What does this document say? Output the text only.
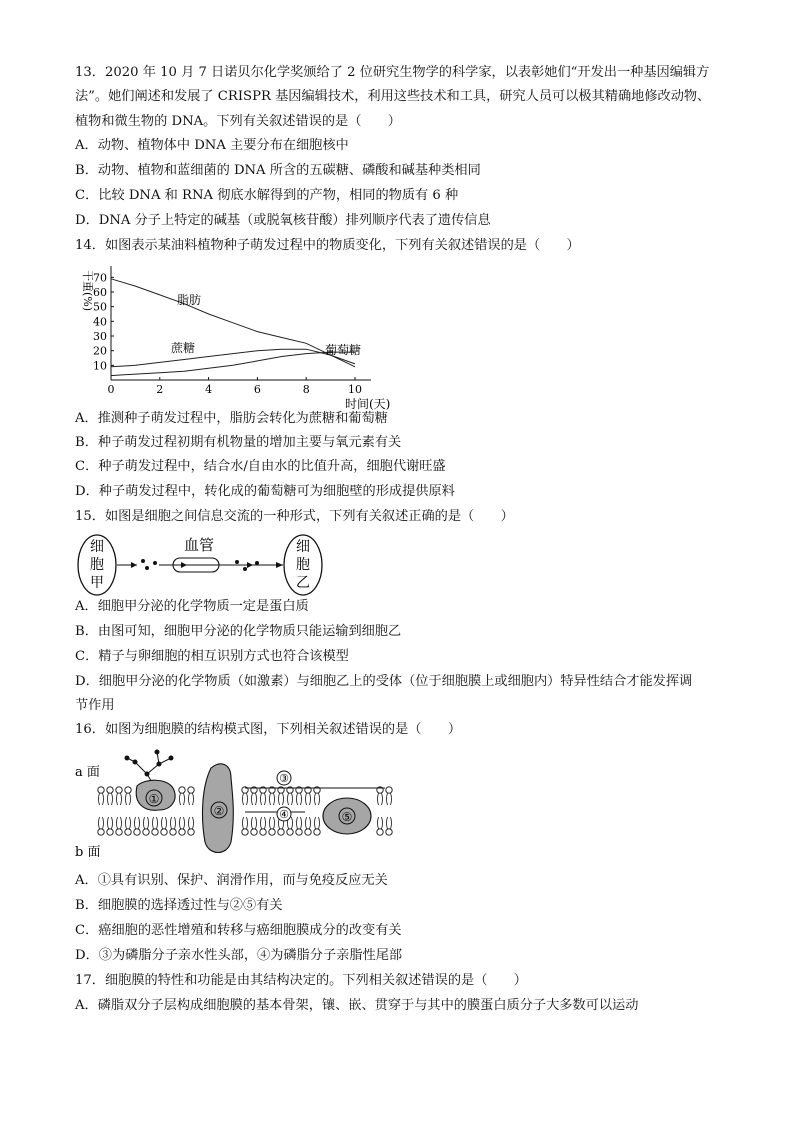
13．2020 年 10 月 7 日诺贝尔化学奖颁给了 2 位研究生物学的科学家，以表彰她们“开发出一种基因编辑方
法”。她们阐述和发展了 CRISPR 基因编辑技术，利用这些技术和工具，研究人员可以极其精确地修改动物、
植物和微生物的 DNA。下列有关叙述错误的是（　　）
A．动物、植物体中 DNA 主要分布在细胞核中
B．动物、植物和蓝细菌的 DNA 所含的五碳糖、磷酸和碱基种类相同
C．比较 DNA 和 RNA 彻底水解得到的产物，相同的物质有 6 种
D．DNA 分子上特定的碱基（或脱氧核苷酸）排列顺序代表了遗传信息
14．如图表示某油料植物种子萌发过程中的物质变化，下列有关叙述错误的是（　　）
0	2	4	6	8	10
10
20
30
40
50
60
70
干重(%)
时间(天)
脂肪
蔗糖	葡萄糖
A．推测种子萌发过程中，脂肪会转化为蔗糖和葡萄糖
B．种子萌发过程初期有机物量的增加主要与氧元素有关
C．种子萌发过程中，结合水/自由水的比值升高，细胞代谢旺盛
D．种子萌发过程中，转化成的葡萄糖可为细胞壁的形成提供原料
15．如图是细胞之间信息交流的一种形式，下列有关叙述正确的是（　　）
细
胞
甲
血管	细
胞
乙
A．细胞甲分泌的化学物质一定是蛋白质
B．由图可知，细胞甲分泌的化学物质只能运输到细胞乙
C．精子与卵细胞的相互识别方式也符合该模型
D．细胞甲分泌的化学物质（如激素）与细胞乙上的受体（位于细胞膜上或细胞内）特异性结合才能发挥调
节作用
16．如图为细胞膜的结构模式图，下列相关叙述错误的是（　　）
a 面
b 面
①
②
③
④	⑤
A．①具有识别、保护、润滑作用，而与免疫反应无关
B．细胞膜的选择透过性与②⑤有关
C．癌细胞的恶性增殖和转移与癌细胞膜成分的改变有关
D．③为磷脂分子亲水性头部，④为磷脂分子亲脂性尾部
17．细胞膜的特性和功能是由其结构决定的。下列相关叙述错误的是（　　）
A．磷脂双分子层构成细胞膜的基本骨架，镶、嵌、贯穿于与其中的膜蛋白质分子大多数可以运动
